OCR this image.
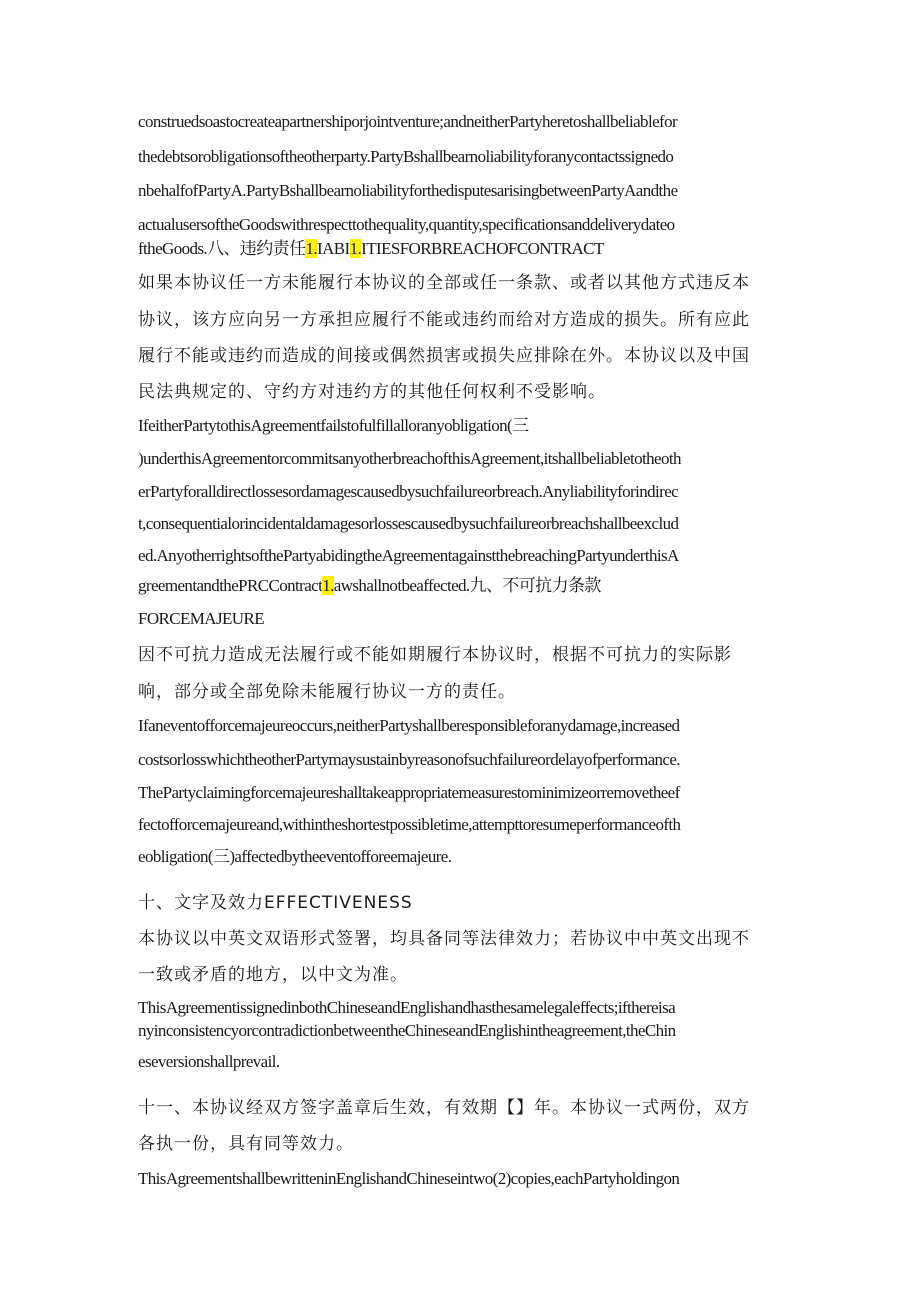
construedsoastocreateapartnershiporjointventure;andneitherPartyheretoshallbeliablefor
thedebtsorobligationsoftheotherparty.PartyBshallbearnoliabilityforanycontactssignedo
nbehalfofPartyA.PartyBshallbearnoliabilityforthedisputesarisingbetweenPartyAandthe
actualusersoftheGoodswithrespecttothequality,quantity,specificationsanddeliverydateo
ftheGoods.八、违约责任1.IABI1.ITIESFORBREACHOFCONTRACT
如果本协议任一方未能履行本协议的全部或任一条款、或者以其他方式违反本
协议，该方应向另一方承担应履行不能或违约而给对方造成的损失。所有应此
履行不能或违约而造成的间接或偶然损害或损失应排除在外。本协议以及中国
民法典规定的、守约方对违约方的其他任何权利不受影响。
IfeitherPartytothisAgreementfailstofulfillalloranyobligation(三
)underthisAgreementorcommitsanyotherbreachofthisAgreement,itshallbeliabletotheoth
erPartyforalldirectlossesordamagescausedbysuchfailureorbreach.Anyliabilityforindirec
t,consequentialorincidentaldamagesorlossescausedbysuchfailureorbreachshallbeexclud
ed.AnyotherrightsofthePartyabidingtheAgreementagainstthebreachingPartyunderthisA
greementandthePRCContract1.awshallnotbeaffected.九、不可抗力条款
FORCEMAJEURE
因不可抗力造成无法履行或不能如期履行本协议时，根据不可抗力的实际影
响，部分或全部免除未能履行协议一方的责任。
Ifaneventofforcemajeureoccurs,neitherPartyshallberesponsibleforanydamage,increased
costsorlosswhichtheotherPartymaysustainbyreasonofsuchfailureordelayofperformance.
ThePartyclaimingforcemajeureshalltakeappropriatemeasurestominimizeorremovetheef
fectofforcemajeureand,withintheshortestpossibletime,attempttoresumeperformanceofth
eobligation(三)affectedbytheeventofforeemajeure.
十、文字及效力EFFECTIVENESS
本协议以中英文双语形式签署，均具备同等法律效力；若协议中中英文出现不
一致或矛盾的地方，以中文为准。
ThisAgreementissignedinbothChineseandEnglishandhasthesamelegaleffects;ifthereisa
nyinconsistencyorcontradictionbetweentheChineseandEnglishintheagreement,theChin
eseversionshallprevail.
十一、本协议经双方签字盖章后生效，有效期【】年。本协议一式两份，双方
各执一份，具有同等效力。
ThisAgreementshallbewritteninEnglishandChineseintwo(2)copies,eachPartyholdingon
